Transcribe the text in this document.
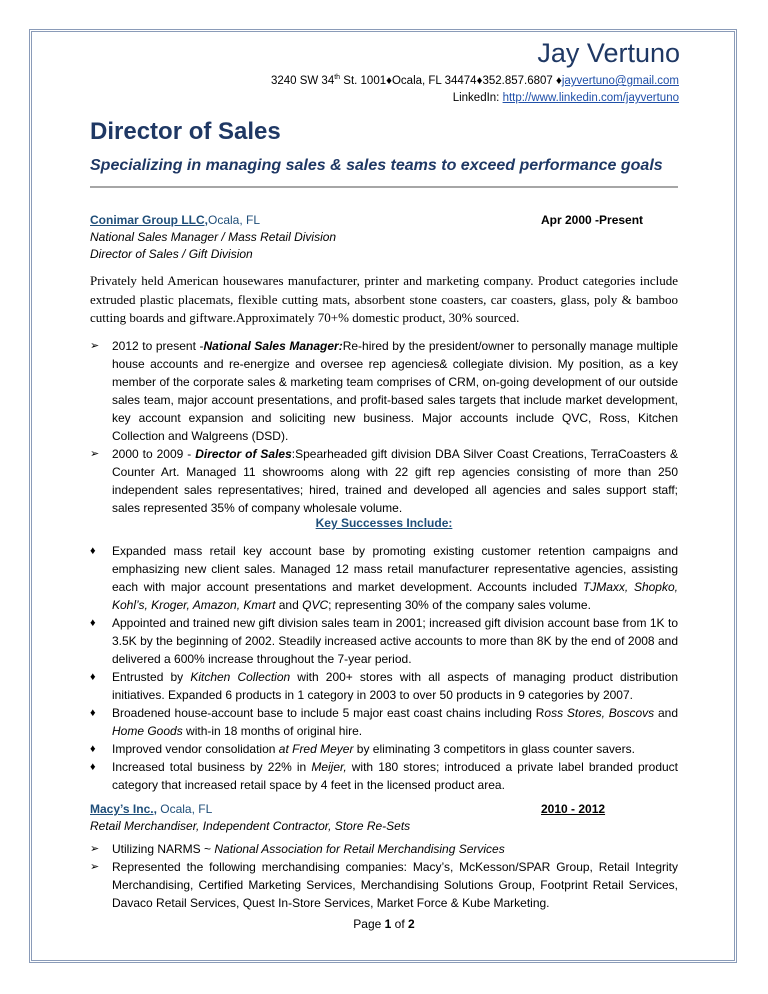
Jay Vertuno
3240 SW 34th St. 1001♦Ocala, FL 34474♦352.857.6807 ♦jayvertuno@gmail.com
LinkedIn: http://www.linkedin.com/jayvertuno
Director of Sales
Specializing in managing sales & sales teams to exceed performance goals
Conimar Group LLC,Ocala, FL	Apr 2000 -Present
National Sales Manager / Mass Retail Division
Director of Sales / Gift Division
Privately held American housewares manufacturer, printer and marketing company. Product categories include extruded plastic placemats, flexible cutting mats, absorbent stone coasters, car coasters, glass, poly & bamboo cutting boards and giftware.Approximately 70+% domestic product, 30% sourced.
➢ 2012 to present -National Sales Manager:Re-hired by the president/owner to personally manage multiple house accounts and re-energize and oversee rep agencies& collegiate division. My position, as a key member of the corporate sales & marketing team comprises of CRM, on-going development of our outside sales team, major account presentations, and profit-based sales targets that include market development, key account expansion and soliciting new business. Major accounts include QVC, Ross, Kitchen Collection and Walgreens (DSD).
➢ 2000 to 2009 - Director of Sales:Spearheaded gift division DBA Silver Coast Creations, TerraCoasters & Counter Art. Managed 11 showrooms along with 22 gift rep agencies consisting of more than 250 independent sales representatives; hired, trained and developed all agencies and sales support staff; sales represented 35% of company wholesale volume.
Key Successes Include:
♦ Expanded mass retail key account base by promoting existing customer retention campaigns and emphasizing new client sales. Managed 12 mass retail manufacturer representative agencies, assisting each with major account presentations and market development. Accounts included TJMaxx, Shopko, Kohl’s, Kroger, Amazon, Kmart and QVC; representing 30% of the company sales volume.
♦ Appointed and trained new gift division sales team in 2001; increased gift division account base from 1K to 3.5K by the beginning of 2002. Steadily increased active accounts to more than 8K by the end of 2008 and delivered a 600% increase throughout the 7-year period.
♦ Entrusted by Kitchen Collection with 200+ stores with all aspects of managing product distribution initiatives. Expanded 6 products in 1 category in 2003 to over 50 products in 9 categories by 2007.
♦ Broadened house-account base to include 5 major east coast chains including Ross Stores, Boscovs and Home Goods with-in 18 months of original hire.
♦ Improved vendor consolidation at Fred Meyer by eliminating 3 competitors in glass counter savers.
♦ Increased total business by 22% in Meijer, with 180 stores; introduced a private label branded product category that increased retail space by 4 feet in the licensed product area.
Macy’s Inc., Ocala, FL	2010 - 2012
Retail Merchandiser, Independent Contractor, Store Re-Sets
➢ Utilizing NARMS ~ National Association for Retail Merchandising Services
➢ Represented the following merchandising companies: Macy’s, McKesson/SPAR Group, Retail Integrity Merchandising, Certified Marketing Services, Merchandising Solutions Group, Footprint Retail Services, Davaco Retail Services, Quest In-Store Services, Market Force & Kube Marketing.
Page 1 of 2
